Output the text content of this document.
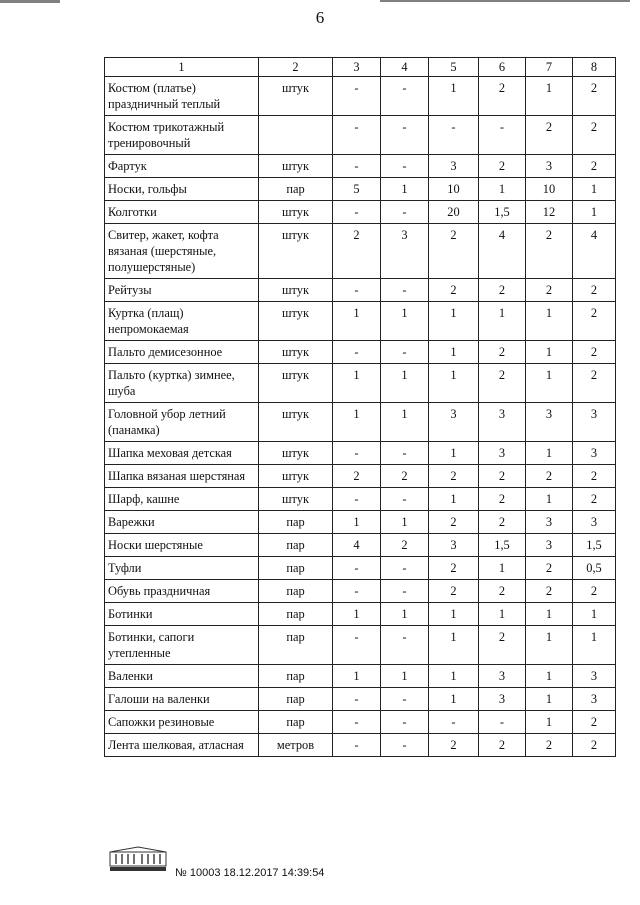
6
1	2	3	4	5	6	7	8
Костюм (платье) праздничный теплый	штук	-	-	1	2	1	2
Костюм трикотажный тренировочный		-	-	-	-	2	2
Фартук	штук	-	-	3	2	3	2
Носки, гольфы	пар	5	1	10	1	10	1
Колготки	штук	-	-	20	1,5	12	1
Свитер, жакет, кофта вязаная (шерстяные, полушерстяные)	штук	2	3	2	4	2	4
Рейтузы	штук	-	-	2	2	2	2
Куртка (плащ) непромокаемая	штук	1	1	1	1	1	2
Пальто демисезонное	штук	-	-	1	2	1	2
Пальто (куртка) зимнее, шуба	штук	1	1	1	2	1	2
Головной убор летний (панамка)	штук	1	1	3	3	3	3
Шапка меховая детская	штук	-	-	1	3	1	3
Шапка вязаная шерстяная	штук	2	2	2	2	2	2
Шарф, кашне	штук	-	-	1	2	1	2
Варежки	пар	1	1	2	2	3	3
Носки шерстяные	пар	4	2	3	1,5	3	1,5
Туфли	пар	-	-	2	1	2	0,5
Обувь праздничная	пар	-	-	2	2	2	2
Ботинки	пар	1	1	1	1	1	1
Ботинки, сапоги утепленные	пар	-	-	1	2	1	1
Валенки	пар	1	1	1	3	1	3
Галоши на валенки	пар	-	-	1	3	1	3
Сапожки резиновые	пар	-	-	-	-	1	2
Лента шелковая, атласная	метров	-	-	2	2	2	2
№ 10003 18.12.2017 14:39:54
